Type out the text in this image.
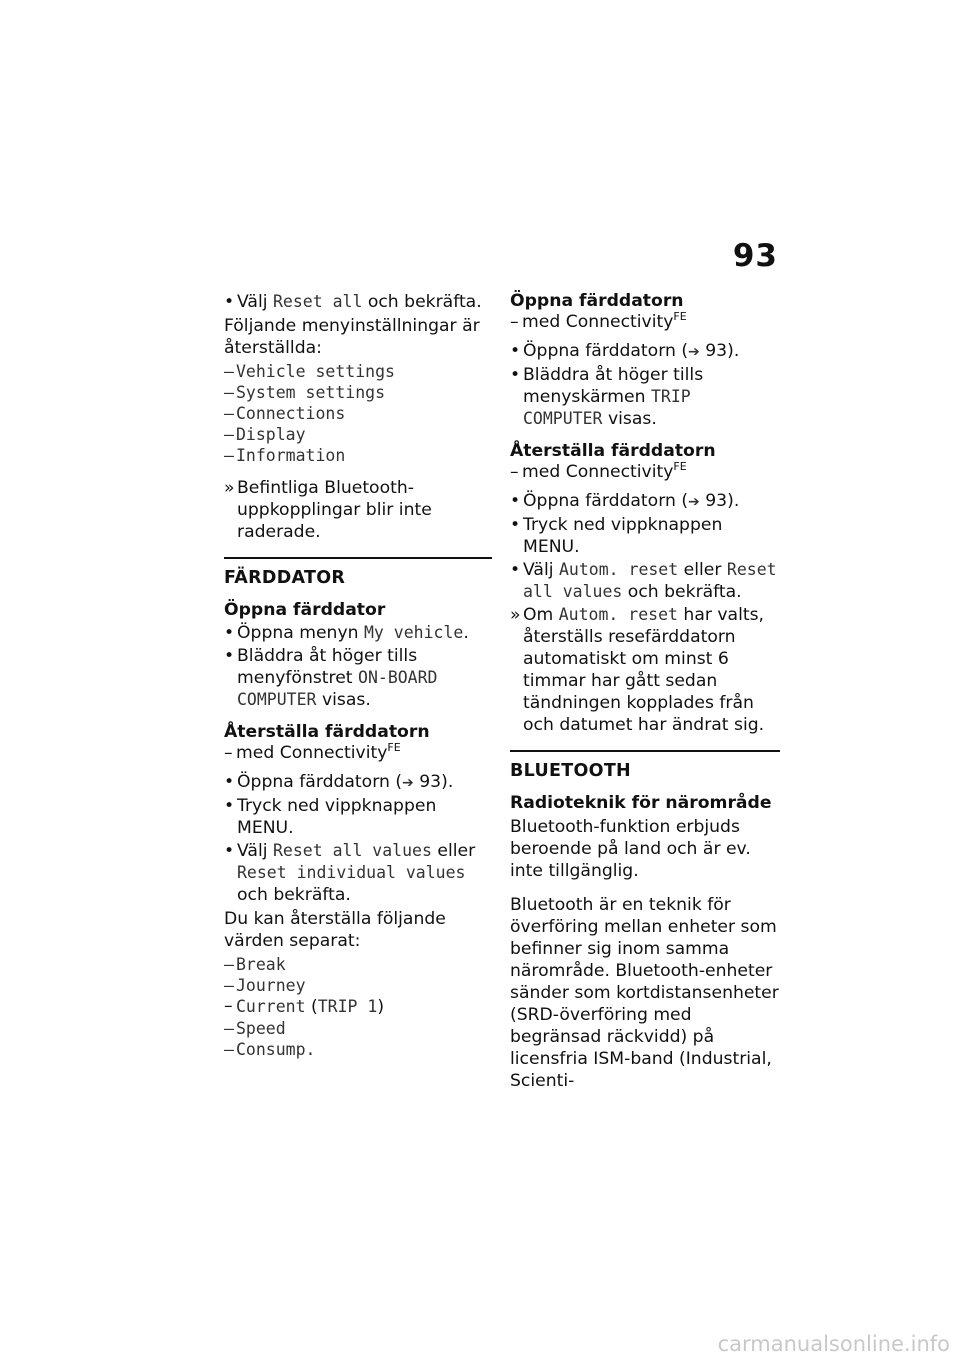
93
• Välj Reset all och bekräfta.
Följande menyinställningar är återställda:
– Vehicle settings
– System settings
– Connections
– Display
– Information
» Befintliga Bluetooth-uppkopplingar blir inte raderade.
FÄRDDATOR
Öppna färddator
• Öppna menyn My vehicle.
• Bläddra åt höger tills menyfönstret ON-BOARD COMPUTER visas.
Återställa färddatorn
– med Connectivity$^{FE}$
• Öppna färddatorn (➔ 93).
• Tryck ned vippknappen MENU.
• Välj Reset all values eller Reset individual values och bekräfta.
Du kan återställa följande värden separat:
– Break
– Journey
– Current (TRIP 1)
– Speed
– Consump.
Öppna färddatorn
– med Connectivity$^{FE}$
• Öppna färddatorn (➔ 93).
• Bläddra åt höger tills menyskärmen TRIP COMPUTER visas.
Återställa färddatorn
– med Connectivity$^{FE}$
• Öppna färddatorn (➔ 93).
• Tryck ned vippknappen MENU.
• Välj Autom. reset eller Reset all values och bekräfta.
» Om Autom. reset har valts, återställs resefärddatorn automatiskt om minst 6 timmar har gått sedan tändningen kopplades från och datumet har ändrat sig.
BLUETOOTH
Radioteknik för närområde
Bluetooth-funktion erbjuds beroende på land och är ev. inte tillgänglig.
Bluetooth är en teknik för överföring mellan enheter som befinner sig inom samma närområde. Bluetooth-enheter sänder som kortdistansenheter (SRD-överföring med begränsad räckvidd) på licensfria ISM-band (Industrial, Scienti-
carmanualsonline.info
